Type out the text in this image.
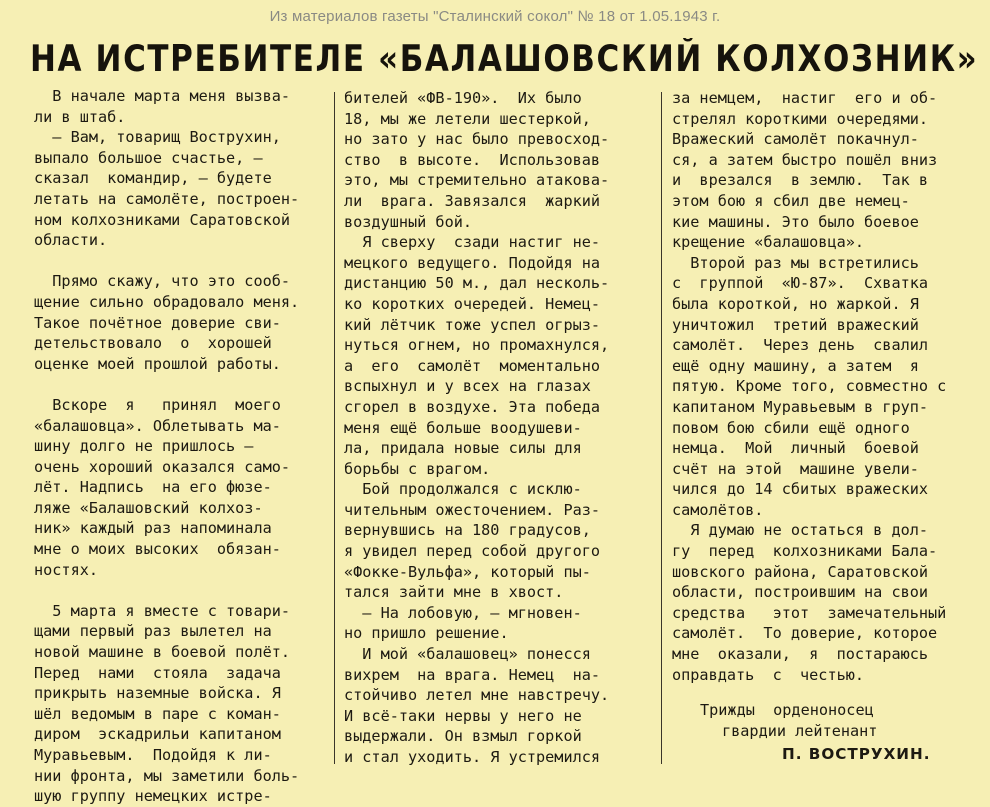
Из материалов газеты "Сталинский сокол" № 18 от 1.05.1943 г.
НА ИСТРЕБИТЕЛЕ «БАЛАШОВСКИЙ КОЛХОЗНИК»
В начале марта меня вызва-
ли в штаб.
— Вам, товарищ Вострухин,
выпало большое счастье, —
сказал  командир, — будете
летать на самолёте, построен-
ном колхозниками Саратовской
области.
Прямо скажу, что это сооб-
щение сильно обрадовало меня.
Такое почётное доверие сви-
детельствовало  о  хорошей
оценке моей прошлой работы.
Вскоре  я   принял  моего
«балашовца». Облетывать ма-
шину долго не пришлось —
очень хороший оказался само-
лёт. Надпись  на его фюзе-
ляже «Балашовский колхоз-
ник» каждый раз напоминала
мне о моих высоких  обязан-
ностях.
5 марта я вместе с товари-
щами первый раз вылетел на
новой машине в боевой полёт.
Перед  нами  стояла  задача
прикрыть наземные войска. Я
шёл ведомым в паре с коман-
диром  эскадрильи капитаном
Муравьевым.  Подойдя к ли-
нии фронта, мы заметили боль-
шую группу немецких истре-
бителей «ФВ-190».  Их было
18, мы же летели шестеркой,
но зато у нас было превосход-
ство  в высоте.  Использовав
это, мы стремительно атакова-
ли  врага. Завязался  жаркий
воздушный бой.
Я сверху  сзади настиг не-
мецкого ведущего. Подойдя на
дистанцию 50 м., дал несколь-
ко коротких очередей. Немец-
кий лётчик тоже успел огрыз-
нуться огнем, но промахнулся,
а  его  самолёт  моментально
вспыхнул и у всех на глазах
сгорел в воздухе. Эта победа
меня ещё больше воодушеви-
ла, придала новые силы для
борьбы с врагом.
Бой продолжался с исклю-
чительным ожесточением. Раз-
вернувшись на 180 градусов,
я увидел перед собой другого
«Фокке-Вульфа», который пы-
тался зайти мне в хвост.
— На лобовую, — мгновен-
но пришло решение.
И мой «балашовец» понесся
вихрем  на врага. Немец  на-
стойчиво летел мне навстречу.
И всё-таки нервы у него не
выдержали. Он взмыл горкой
и стал уходить. Я устремился
за немцем,  настиг  его и об-
стрелял короткими очередями.
Вражеский самолёт покачнул-
ся, а затем быстро пошёл вниз
и  врезался  в землю.  Так в
этом бою я сбил две немец-
кие машины. Это было боевое
крещение «балашовца».
Второй раз мы встретились
с  группой  «Ю-87».  Схватка
была короткой, но жаркой. Я
уничтожил  третий вражеский
самолёт.  Через день  свалил
ещё одну машину, а затем  я
пятую. Кроме того, совместно с
капитаном Муравьевым в груп-
повом бою сбили ещё одного
немца.  Мой  личный  боевой
счёт на этой  машине увели-
чился до 14 сбитых вражеских
самолётов.
Я думаю не остаться в дол-
гу  перед  колхозниками Бала-
шовского района, Саратовской
области, построившим на свои
средства   этот  замечательный
самолёт.  То доверие, которое
мне  оказали,  я  постараюсь
оправдать  с  честью.
Трижды  орденоносец
гвардии лейтенант
П. ВОСТРУХИН.
